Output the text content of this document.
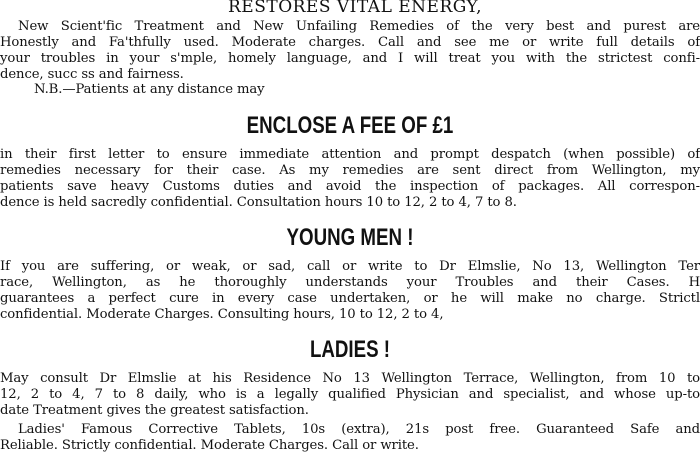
RESTORES VITAL ENERGY,
New Scient'fic Treatment and New Unfailing Remedies of the very best and purest are
Honestly and Fa'thfully used. Moderate charges. Call and see me or write full details of
your troubles in your s'mple, homely language, and I will treat you with the strictest confi-
dence, succ ss and fairness.
N.B.—Patients at any distance may
ENCLOSE A FEE OF £1
in their first letter to ensure immediate attention and prompt despatch (when possible) of
remedies necessary for their case. As my remedies are sent direct from Wellington, my
patients save heavy Customs duties and avoid the inspection of packages. All correspon-
dence is held sacredly confidential. Consultation hours 10 to 12, 2 to 4, 7 to 8.
YOUNG MEN !
If you are suffering, or weak, or sad, call or write to Dr Elmslie, No 13, Wellington Ter
race, Wellington, as he thoroughly understands your Troubles and their Cases. H
guarantees a perfect cure in every case undertaken, or he will make no charge. Strictl
confidential. Moderate Charges. Consulting hours, 10 to 12, 2 to 4,
LADIES !
May consult Dr Elmslie at his Residence No 13 Wellington Terrace, Wellington, from 10 to
12, 2 to 4, 7 to 8 daily, who is a legally qualified Physician and specialist, and whose up-to
date Treatment gives the greatest satisfaction.
Ladies' Famous Corrective Tablets, 10s (extra), 21s post free. Guaranteed Safe and
Reliable. Strictly confidential. Moderate Charges. Call or write.
